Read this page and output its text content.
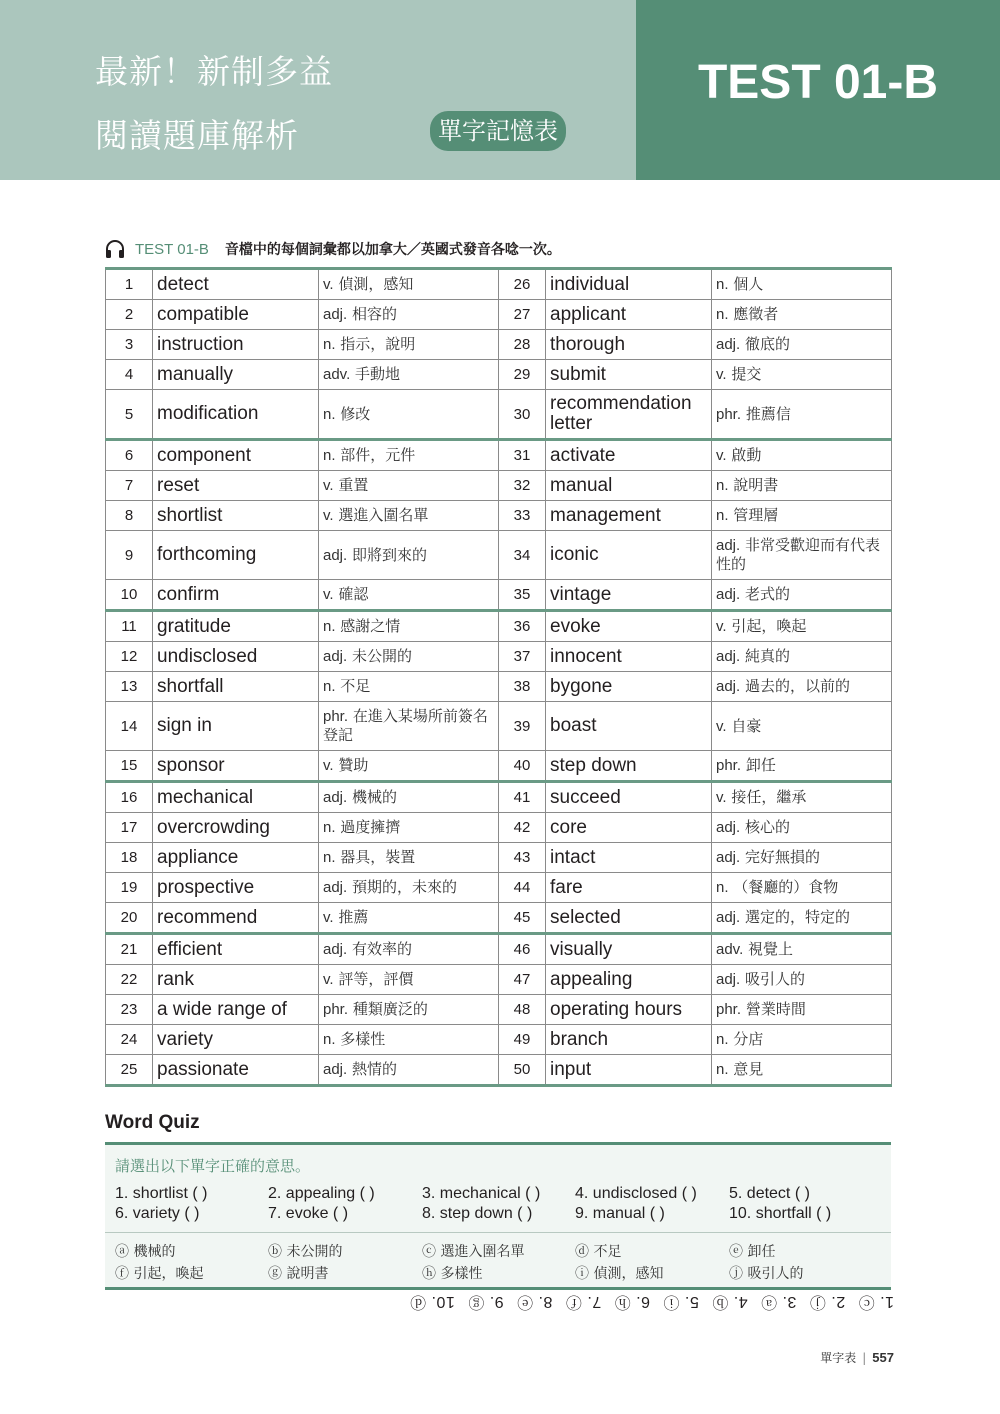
最新！新制多益
閱讀題庫解析	單字記憶表
TEST 01-B
TEST 01-B 音檔中的每個詞彙都以加拿大／英國式發音各唸一次。
1	detect	v. 偵測，感知	26	individual	n. 個人
2	compatible	adj. 相容的	27	applicant	n. 應徵者
3	instruction	n. 指示，說明	28	thorough	adj. 徹底的
4	manually	adv. 手動地	29	submit	v. 提交
5	modification	n. 修改	30	recommendation letter	phr. 推薦信
6	component	n. 部件，元件	31	activate	v. 啟動
7	reset	v. 重置	32	manual	n. 說明書
8	shortlist	v. 選進入圍名單	33	management	n. 管理層
9	forthcoming	adj. 即將到來的	34	iconic	adj. 非常受歡迎而有代表性的
10	confirm	v. 確認	35	vintage	adj. 老式的
11	gratitude	n. 感謝之情	36	evoke	v. 引起，喚起
12	undisclosed	adj. 未公開的	37	innocent	adj. 純真的
13	shortfall	n. 不足	38	bygone	adj. 過去的，以前的
14	sign in	phr. 在進入某場所前簽名登記	39	boast	v. 自豪
15	sponsor	v. 贊助	40	step down	phr. 卸任
16	mechanical	adj. 機械的	41	succeed	v. 接任，繼承
17	overcrowding	n. 過度擁擠	42	core	adj. 核心的
18	appliance	n. 器具，裝置	43	intact	adj. 完好無損的
19	prospective	adj. 預期的，未來的	44	fare	n. （餐廳的）食物
20	recommend	v. 推薦	45	selected	adj. 選定的，特定的
21	efficient	adj. 有效率的	46	visually	adv. 視覺上
22	rank	v. 評等，評價	47	appealing	adj. 吸引人的
23	a wide range of	phr. 種類廣泛的	48	operating hours	phr. 營業時間
24	variety	n. 多樣性	49	branch	n. 分店
25	passionate	adj. 熱情的	50	input	n. 意見
Word Quiz
請選出以下單字正確的意思。
1. shortlist ( )	2. appealing ( )	3. mechanical ( )	4. undisclosed ( )	5. detect ( )
6. variety ( )	7. evoke ( )	8. step down ( )	9. manual ( )	10. shortfall ( )
ⓐ 機械的	ⓑ 未公開的	ⓒ 選進入圍名單	ⓓ 不足	ⓔ 卸任
ⓕ 引起，喚起	ⓖ 說明書	ⓗ 多樣性	ⓘ 偵測，感知	ⓙ 吸引人的
1. ⓒ2. ⓙ3. ⓐ4. ⓑ5. ⓘ6. ⓗ7. ⓕ8. ⓔ9. ⓖ10. ⓓ
單字表 | 557
